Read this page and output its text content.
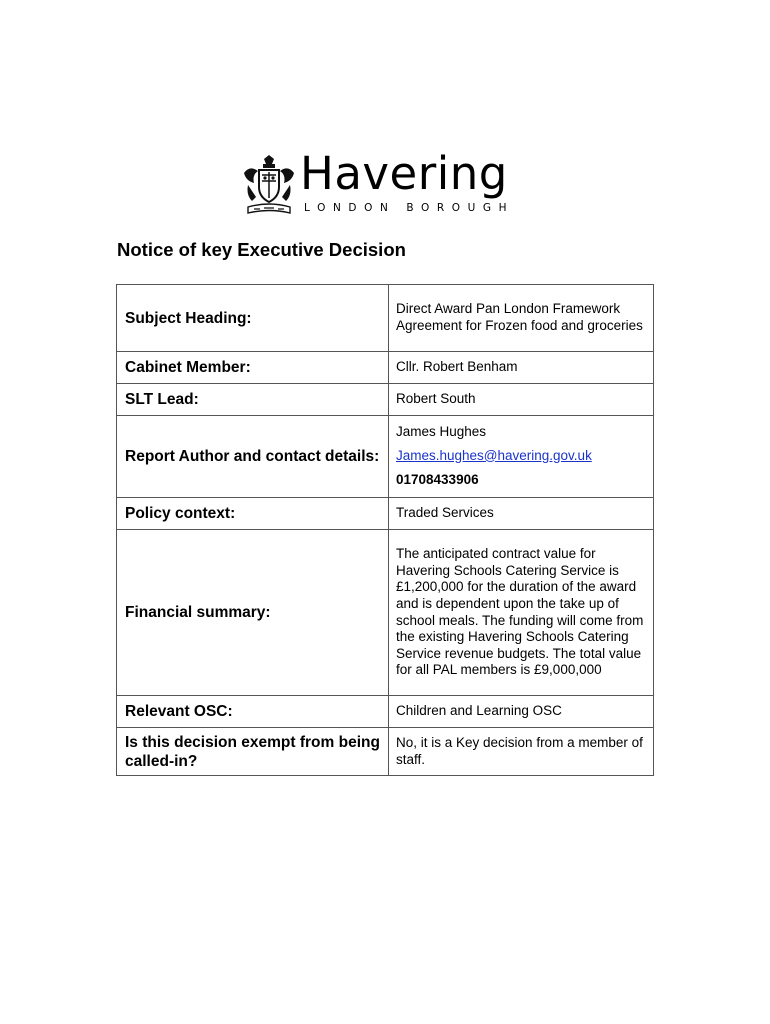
Havering
LONDON BOROUGH
Notice of key Executive Decision
Subject Heading:	Direct Award Pan London Framework Agreement for Frozen food and groceries
Cabinet Member:	Cllr. Robert Benham
SLT Lead:	Robert South
Report Author and contact details:	James Hughes
James.hughes@havering.gov.uk
01708433906

Policy context:	Traded Services
Financial summary:	The anticipated contract value for Havering Schools Catering Service is £1,200,000 for the duration of the award and is dependent upon the take up of school meals. The funding will come from the existing Havering Schools Catering Service revenue budgets. The total value for all PAL members is £9,000,000
Relevant OSC:	Children and Learning OSC
Is this decision exempt from being called-in?	No, it is a Key decision from a member of staff.
